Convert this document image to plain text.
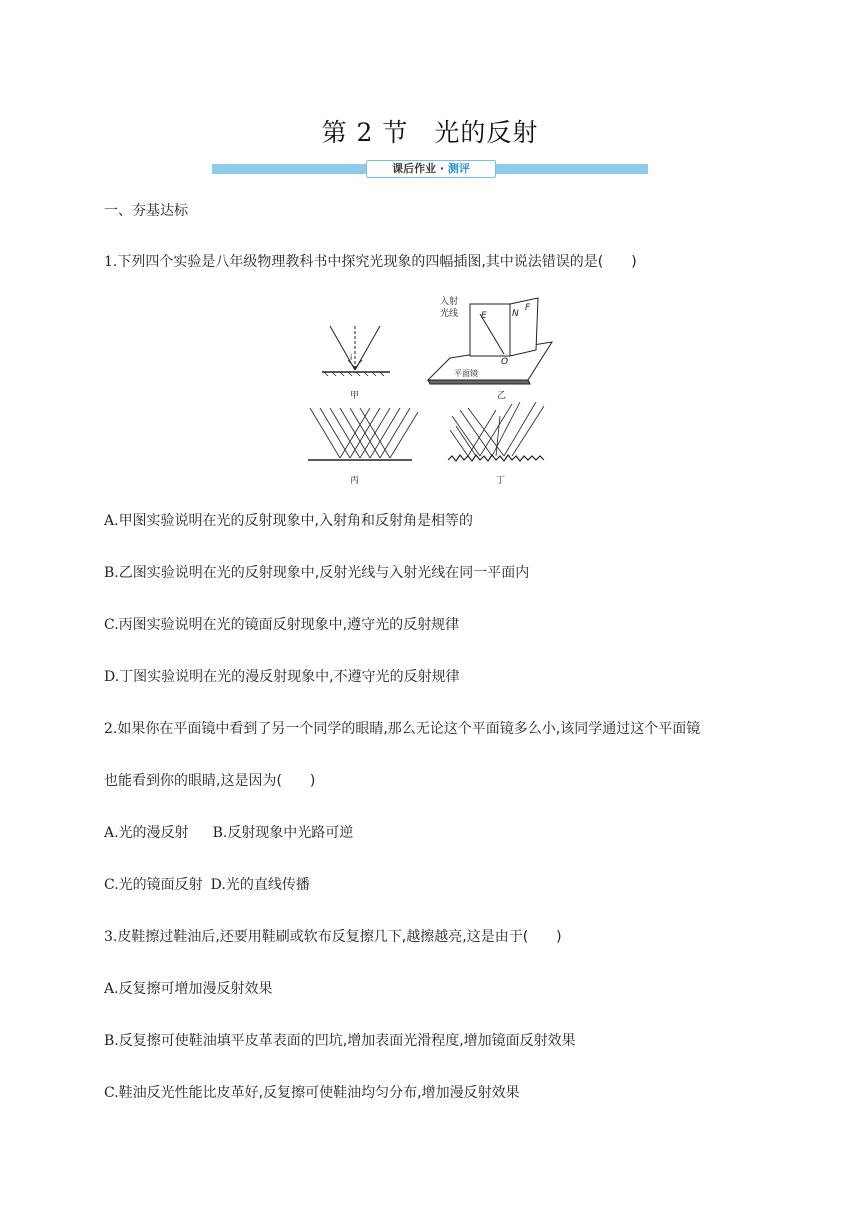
第 2 节　光的反射
课后作业 · 测评
一、夯基达标
1.下列四个实验是八年级物理教科书中探究光现象的四幅插图,其中说法错误的是(　　)
i
甲
入射
光线	E	N
F
O
平面镜
乙
丙	丁
A.甲图实验说明在光的反射现象中,入射角和反射角是相等的
B.乙图实验说明在光的反射现象中,反射光线与入射光线在同一平面内
C.丙图实验说明在光的镜面反射现象中,遵守光的反射规律
D.丁图实验说明在光的漫反射现象中,不遵守光的反射规律
2.如果你在平面镜中看到了另一个同学的眼睛,那么无论这个平面镜多么小,该同学通过这个平面镜
也能看到你的眼睛,这是因为(　　)
A.光的漫反射 B.反射现象中光路可逆
C.光的镜面反射 D.光的直线传播
3.皮鞋擦过鞋油后,还要用鞋刷或软布反复擦几下,越擦越亮,这是由于(　　)
A.反复擦可增加漫反射效果
B.反复擦可使鞋油填平皮革表面的凹坑,增加表面光滑程度,增加镜面反射效果
C.鞋油反光性能比皮革好,反复擦可使鞋油均匀分布,增加漫反射效果
